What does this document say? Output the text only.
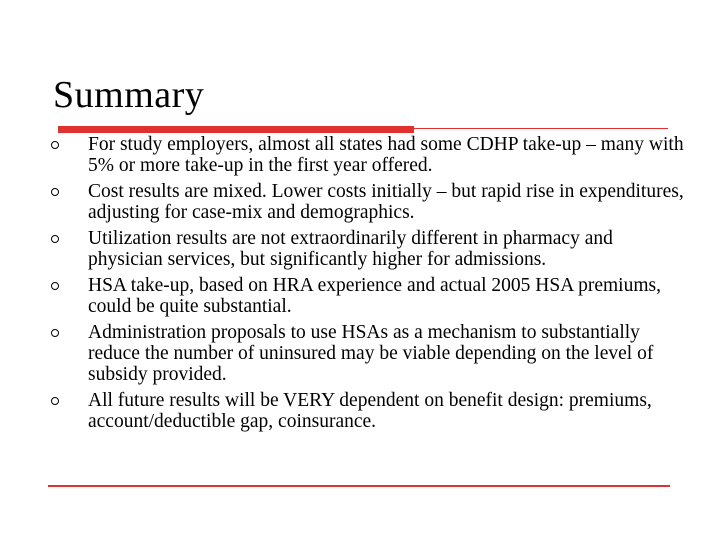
Summary
For study employers, almost all states had some CDHP take-up – many with 5% or more take-up in the first year offered.
Cost results are mixed. Lower costs initially – but rapid rise in expenditures, adjusting for case-mix and demographics.
Utilization results are not extraordinarily different in pharmacy and physician services, but significantly higher for admissions.
HSA take-up, based on HRA experience and actual 2005 HSA premiums, could be quite substantial.
Administration proposals to use HSAs as a mechanism to substantially reduce the number of uninsured may be viable depending on the level of subsidy provided.
All future results will be VERY dependent on benefit design: premiums, account/deductible gap, coinsurance.
